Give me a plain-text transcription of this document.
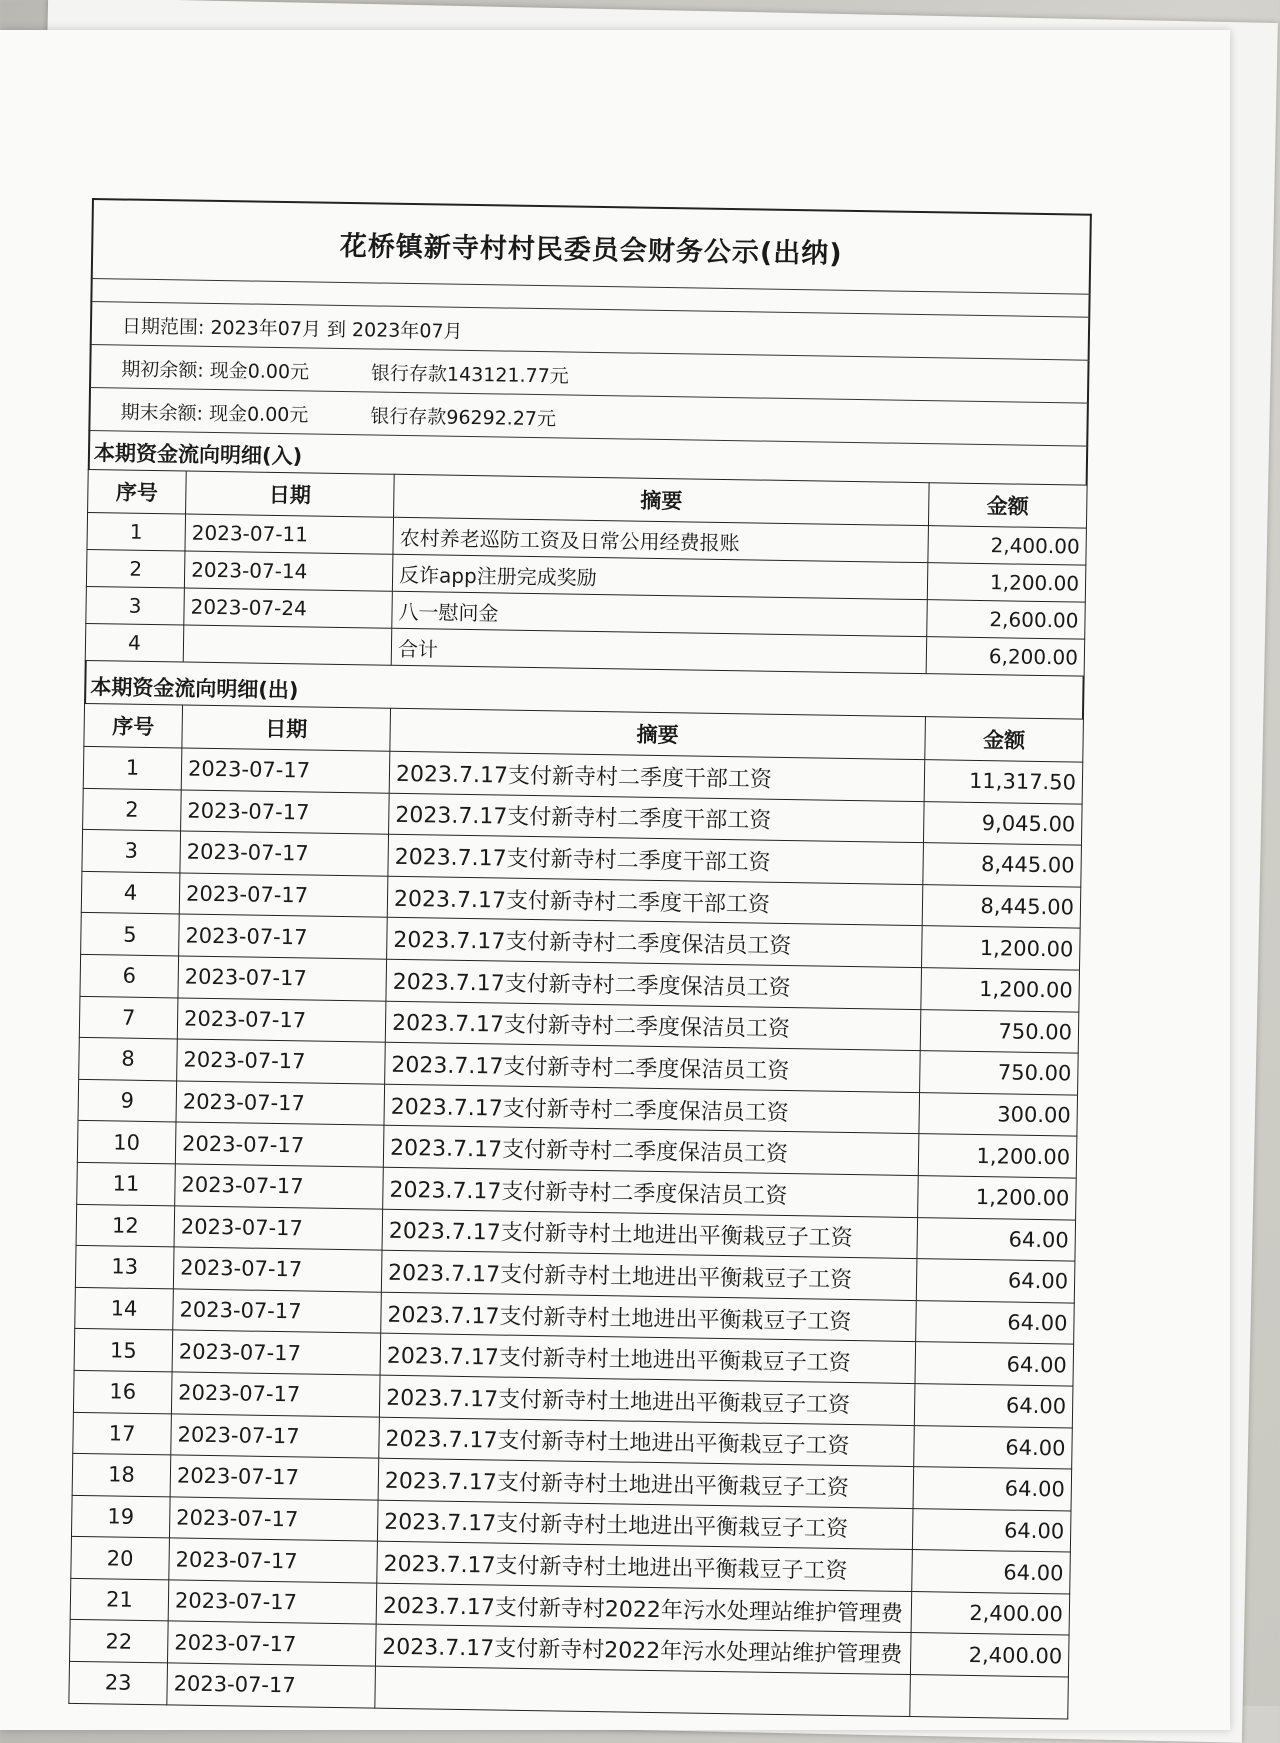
花桥镇新寺村村民委员会财务公示(出纳)
日期范围: 2023年07月 到 2023年07月
期初余额: 现金0.00元	银行存款143121.77元
期末余额: 现金0.00元	银行存款96292.27元
本期资金流向明细(入)
序号	日期	摘要	金额
1	2023-07-11	农村养老巡防工资及日常公用经费报账	2,400.00
2	2023-07-14	反诈app注册完成奖励	1,200.00
3	2023-07-24	八一慰问金	2,600.00
4		合计	6,200.00
本期资金流向明细(出)
序号	日期	摘要	金额
1	2023-07-17	2023.7.17支付新寺村二季度干部工资	11,317.50
2	2023-07-17	2023.7.17支付新寺村二季度干部工资	9,045.00
3	2023-07-17	2023.7.17支付新寺村二季度干部工资	8,445.00
4	2023-07-17	2023.7.17支付新寺村二季度干部工资	8,445.00
5	2023-07-17	2023.7.17支付新寺村二季度保洁员工资	1,200.00
6	2023-07-17	2023.7.17支付新寺村二季度保洁员工资	1,200.00
7	2023-07-17	2023.7.17支付新寺村二季度保洁员工资	750.00
8	2023-07-17	2023.7.17支付新寺村二季度保洁员工资	750.00
9	2023-07-17	2023.7.17支付新寺村二季度保洁员工资	300.00
10	2023-07-17	2023.7.17支付新寺村二季度保洁员工资	1,200.00
11	2023-07-17	2023.7.17支付新寺村二季度保洁员工资	1,200.00
12	2023-07-17	2023.7.17支付新寺村土地进出平衡栽豆子工资	64.00
13	2023-07-17	2023.7.17支付新寺村土地进出平衡栽豆子工资	64.00
14	2023-07-17	2023.7.17支付新寺村土地进出平衡栽豆子工资	64.00
15	2023-07-17	2023.7.17支付新寺村土地进出平衡栽豆子工资	64.00
16	2023-07-17	2023.7.17支付新寺村土地进出平衡栽豆子工资	64.00
17	2023-07-17	2023.7.17支付新寺村土地进出平衡栽豆子工资	64.00
18	2023-07-17	2023.7.17支付新寺村土地进出平衡栽豆子工资	64.00
19	2023-07-17	2023.7.17支付新寺村土地进出平衡栽豆子工资	64.00
20	2023-07-17	2023.7.17支付新寺村土地进出平衡栽豆子工资	64.00
21	2023-07-17	2023.7.17支付新寺村2022年污水处理站维护管理费	2,400.00
22	2023-07-17	2023.7.17支付新寺村2022年污水处理站维护管理费	2,400.00
23	2023-07-17		
